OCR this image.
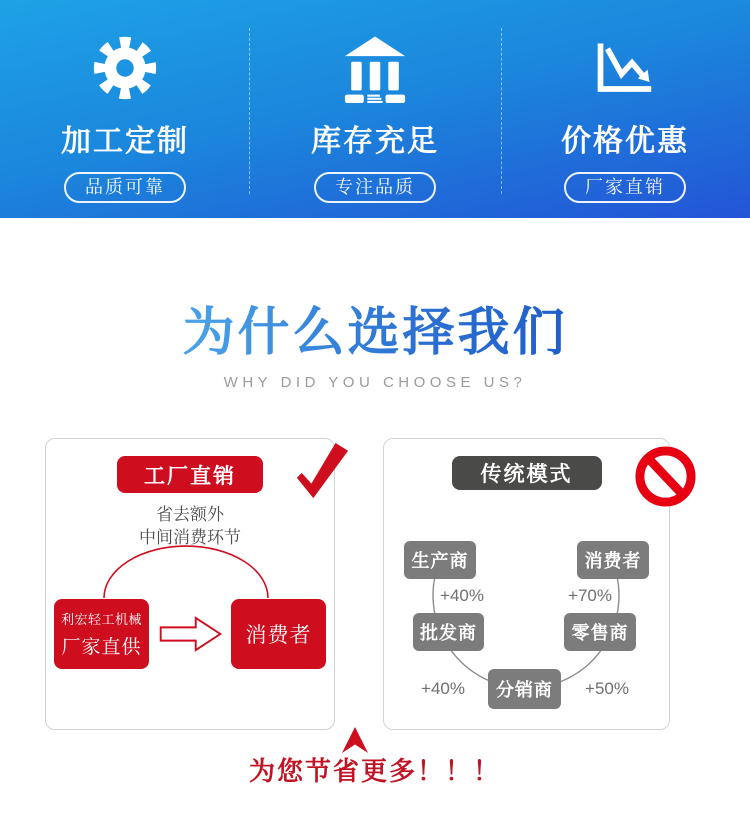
加工定制
品质可靠
库存充足
专注品质
价格优惠
厂家直销
为什么选择我们
WHY DID YOU CHOOSE US?
工厂直销
省去额外
中间消费环节
利宏轻工机械
厂家直供
消费者
传统模式
生产商	消费者
批发商	零售商
分销商
+40%	+70%
+40%	+50%
为您节省更多！！！
